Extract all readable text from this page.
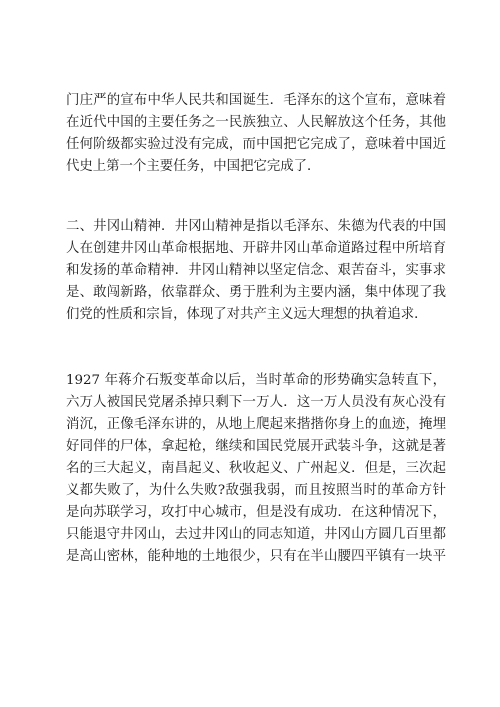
门庄严的宣布中华人民共和国诞生．毛泽东的这个宣布，意味着
在近代中国的主要任务之一民族独立、人民解放这个任务，其他
任何阶级都实验过没有完成，而中国把它完成了，意味着中国近
代史上第一个主要任务，中国把它完成了．
二、井冈山精神．井冈山精神是指以毛泽东、朱德为代表的中国
人在创建井冈山革命根据地、开辟井冈山革命道路过程中所培育
和发扬的革命精神．井冈山精神以坚定信念、艰苦奋斗，实事求
是、敢闯新路，依靠群众、勇于胜利为主要内涵，集中体现了我
们党的性质和宗旨，体现了对共产主义远大理想的执着追求．
1927 年蒋介石叛变革命以后，当时革命的形势确实急转直下，
六万人被国民党屠杀掉只剩下一万人．这一万人员没有灰心没有
消沉，正像毛泽东讲的，从地上爬起来揩揩你身上的血迹，掩埋
好同伴的尸体，拿起枪，继续和国民党展开武装斗争，这就是著
名的三大起义，南昌起义、秋收起义、广州起义．但是，三次起
义都失败了，为什么失败?敌强我弱，而且按照当时的革命方针
是向苏联学习，攻打中心城市，但是没有成功．在这种情况下，
只能退守井冈山，去过井冈山的同志知道，井冈山方圆几百里都
是高山密林，能种地的土地很少，只有在半山腰四平镇有一块平
